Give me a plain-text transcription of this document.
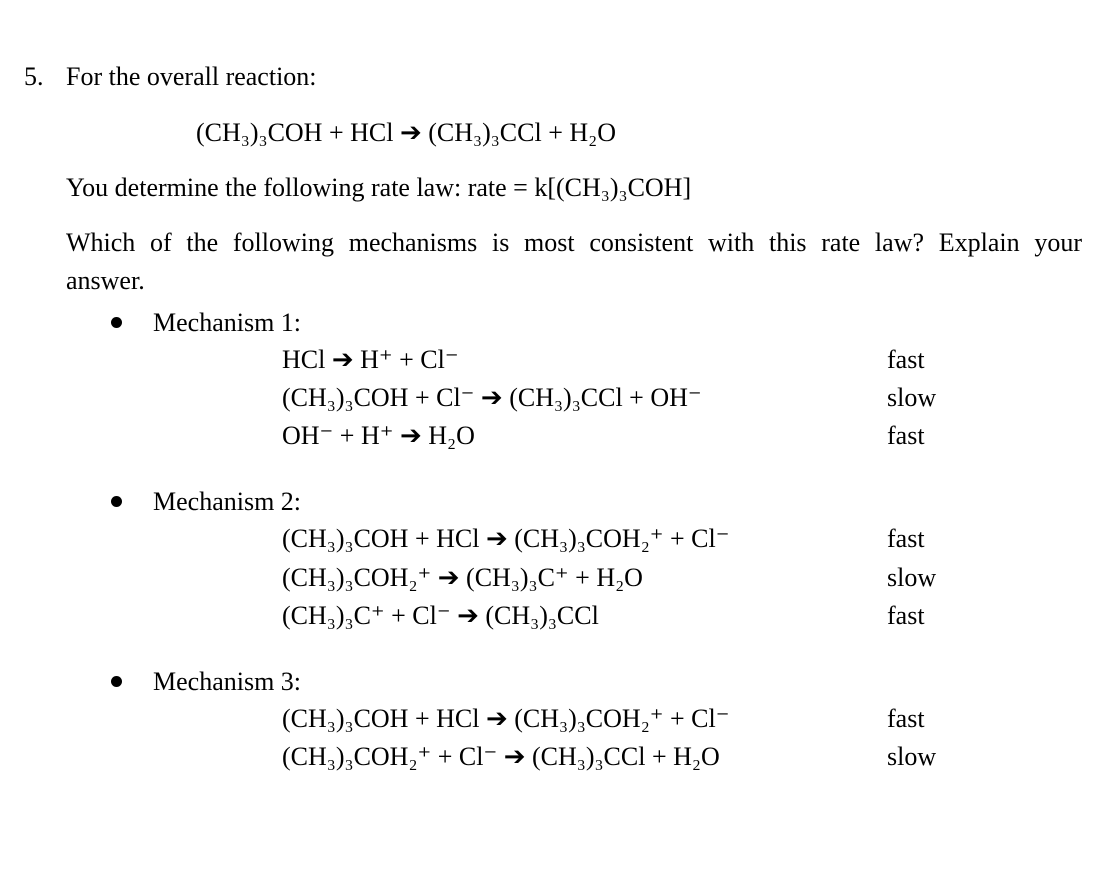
5. For the overall reaction:
(CH₃)₃COH + HCl ➔ (CH₃)₃CCl + H₂O
You determine the following rate law: rate = k[(CH₃)₃COH]
Which of the following mechanisms is most consistent with this rate law? Explain your
answer.
Mechanism 1:
HCl ➔ H⁺ + Cl⁻	fast
(CH₃)₃COH + Cl⁻ ➔ (CH₃)₃CCl + OH⁻	slow
OH⁻ + H⁺ ➔ H₂O	fast
Mechanism 2:
(CH₃)₃COH + HCl ➔ (CH₃)₃COH₂⁺ + Cl⁻	fast
(CH₃)₃COH₂⁺ ➔ (CH₃)₃C⁺ + H₂O	slow
(CH₃)₃C⁺ + Cl⁻ ➔ (CH₃)₃CCl	fast
Mechanism 3:
(CH₃)₃COH + HCl ➔ (CH₃)₃COH₂⁺ + Cl⁻	fast
(CH₃)₃COH₂⁺ + Cl⁻ ➔ (CH₃)₃CCl + H₂O	slow
